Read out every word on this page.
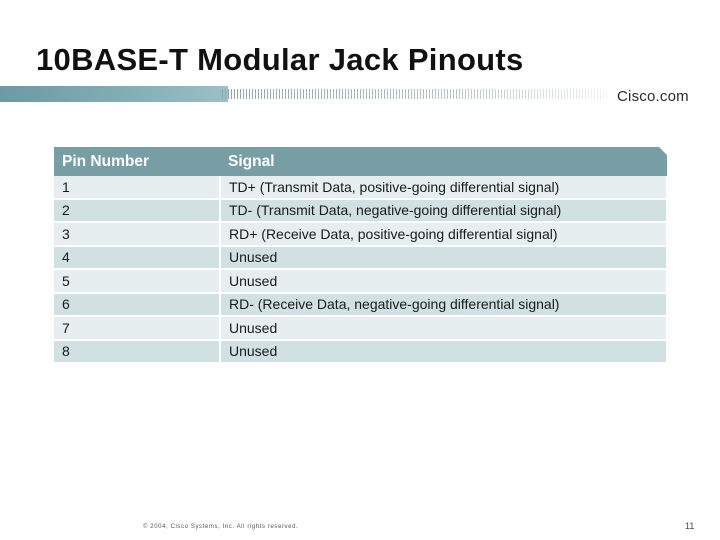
10BASE-T Modular Jack Pinouts
Cisco.com
Pin Number	Signal
1	TD+ (Transmit Data, positive-going differential signal)
2	TD- (Transmit Data, negative-going differential signal)
3	RD+ (Receive Data, positive-going differential signal)
4	Unused
5	Unused
6	RD- (Receive Data, negative-going differential signal)
7	Unused
8	Unused
© 2004, Cisco Systems, Inc. All rights reserved.	11
